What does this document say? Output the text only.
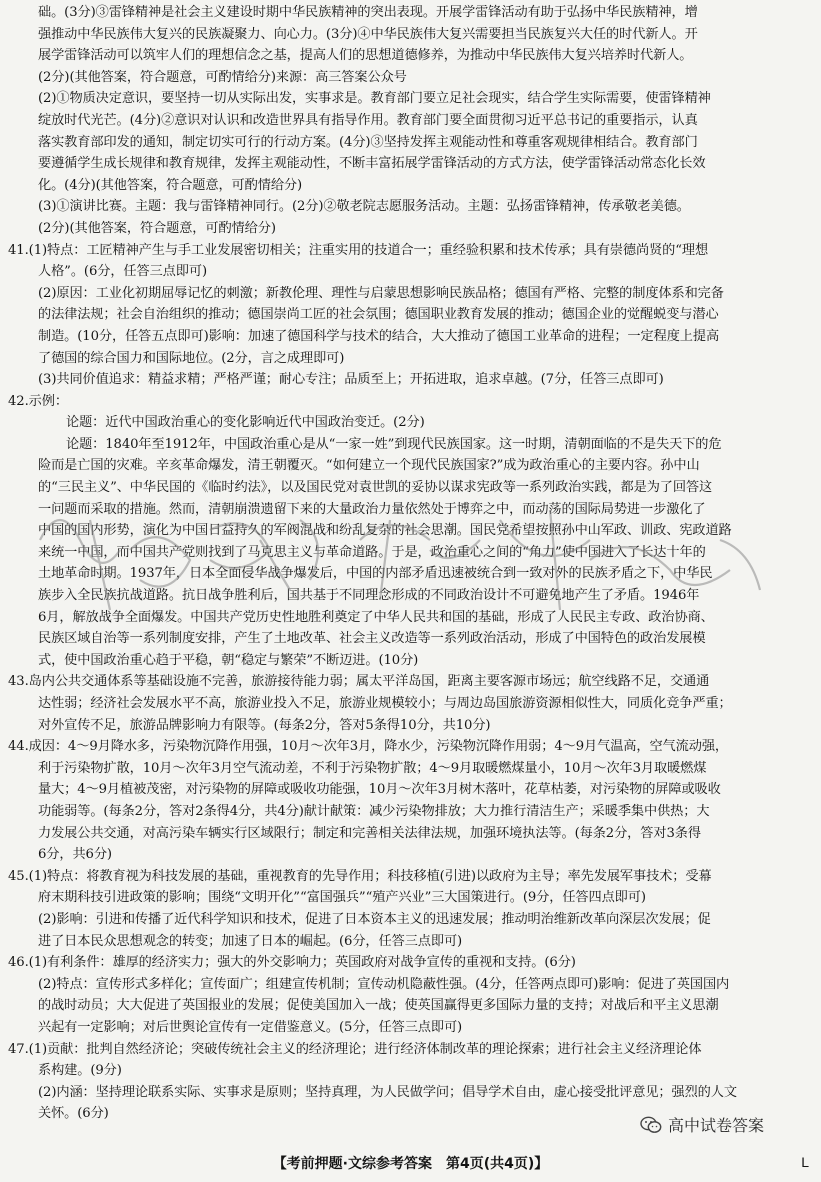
础。(3分)③雷锋精神是社会主义建设时期中华民族精神的突出表现。开展学雷锋活动有助于弘扬中华民族精神，增
强推动中华民族伟大复兴的民族凝聚力、向心力。(3分)④中华民族伟大复兴需要担当民族复兴大任的时代新人。开
展学雷锋活动可以筑牢人们的理想信念之基，提高人们的思想道德修养，为推动中华民族伟大复兴培养时代新人。
(2分)(其他答案，符合题意，可酌情给分)来源：高三答案公众号
(2)①物质决定意识，要坚持一切从实际出发，实事求是。教育部门要立足社会现实，结合学生实际需要，使雷锋精神
绽放时代光芒。(4分)②意识对认识和改造世界具有指导作用。教育部门要全面贯彻习近平总书记的重要指示，认真
落实教育部印发的通知，制定切实可行的行动方案。(4分)③坚持发挥主观能动性和尊重客观规律相结合。教育部门
要遵循学生成长规律和教育规律，发挥主观能动性，不断丰富拓展学雷锋活动的方式方法，使学雷锋活动常态化长效
化。(4分)(其他答案，符合题意，可酌情给分)
(3)①演讲比赛。主题：我与雷锋精神同行。(2分)②敬老院志愿服务活动。主题：弘扬雷锋精神，传承敬老美德。
(2分)(其他答案，符合题意，可酌情给分)
41.(1)特点：工匠精神产生与手工业发展密切相关；注重实用的技道合一；重经验积累和技术传承；具有崇德尚贤的“理想
人格”。(6分，任答三点即可)
(2)原因：工业化初期屈辱记忆的刺激；新教伦理、理性与启蒙思想影响民族品格；德国有严格、完整的制度体系和完备
的法律法规；社会自治组织的推动；德国崇尚工匠的社会氛围；德国职业教育发展的推动；德国企业的觉醒蜕变与潜心
制造。(10分，任答五点即可)影响：加速了德国科学与技术的结合，大大推动了德国工业革命的进程；一定程度上提高
了德国的综合国力和国际地位。(2分，言之成理即可)
(3)共同价值追求：精益求精；严格严谨；耐心专注；品质至上；开拓进取，追求卓越。(7分，任答三点即可)
42.示例：
论题：近代中国政治重心的变化影响近代中国政治变迁。(2分)
论题：1840年至1912年，中国政治重心是从“一家一姓”到现代民族国家。这一时期，清朝面临的不是失天下的危
险而是亡国的灾难。辛亥革命爆发，清王朝覆灭。“如何建立一个现代民族国家?”成为政治重心的主要内容。孙中山
的“三民主义”、中华民国的《临时约法》，以及国民党对袁世凯的妥协以谋求宪政等一系列政治实践，都是为了回答这
一问题而采取的措施。然而，清朝崩溃遗留下来的大量政治力量依然处于博弈之中，而动荡的国际局势进一步激化了
中国的国内形势，演化为中国日益持久的军阀混战和纷乱复杂的社会思潮。国民党希望按照孙中山军政、训政、宪政道路
来统一中国，而中国共产党则找到了马克思主义与革命道路。于是，政治重心之间的“角力”使中国进入了长达十年的
土地革命时期。1937年，日本全面侵华战争爆发后，中国的内部矛盾迅速被统合到一致对外的民族矛盾之下，中华民
族步入全民族抗战道路。抗日战争胜利后，国共基于不同理念形成的不同政治设计不可避免地产生了矛盾。1946年
6月，解放战争全面爆发。中国共产党历史性地胜利奠定了中华人民共和国的基础，形成了人民民主专政、政治协商、
民族区域自治等一系列制度安排，产生了土地改革、社会主义改造等一系列政治活动，形成了中国特色的政治发展模
式，使中国政治重心趋于平稳，朝“稳定与繁荣”不断迈进。(10分)
43.岛内公共交通体系等基础设施不完善，旅游接待能力弱；属太平洋岛国，距离主要客源市场远；航空线路不足，交通通
达性弱；经济社会发展水平不高，旅游业投入不足，旅游业规模较小；与周边岛国旅游资源相似性大，同质化竞争严重；
对外宣传不足，旅游品牌影响力有限等。(每条2分，答对5条得10分，共10分)
44.成因：4～9月降水多，污染物沉降作用强，10月～次年3月，降水少，污染物沉降作用弱；4～9月气温高，空气流动强，
利于污染物扩散，10月～次年3月空气流动差，不利于污染物扩散；4～9月取暖燃煤量小，10月～次年3月取暖燃煤
量大；4～9月植被茂密，对污染物的屏障或吸收功能强，10月～次年3月树木落叶，花草枯萎，对污染物的屏障或吸收
功能弱等。(每条2分，答对2条得4分，共4分)献计献策：减少污染物排放；大力推行清洁生产；采暖季集中供热；大
力发展公共交通，对高污染车辆实行区域限行；制定和完善相关法律法规，加强环境执法等。(每条2分，答对3条得
6分，共6分)
45.(1)特点：将教育视为科技发展的基础，重视教育的先导作用；科技移植(引进)以政府为主导；率先发展军事技术；受幕
府末期科技引进政策的影响；围绕“文明开化”“富国强兵”“殖产兴业”三大国策进行。(9分，任答四点即可)
(2)影响：引进和传播了近代科学知识和技术，促进了日本资本主义的迅速发展；推动明治维新改革向深层次发展；促
进了日本民众思想观念的转变；加速了日本的崛起。(6分，任答三点即可)
46.(1)有利条件：雄厚的经济实力；强大的外交影响力；英国政府对战争宣传的重视和支持。(6分)
(2)特点：宣传形式多样化；宣传面广；组建宣传机制；宣传动机隐蔽性强。(4分，任答两点即可)影响：促进了英国国内
的战时动员；大大促进了英国报业的发展；促使美国加入一战；使英国赢得更多国际力量的支持；对战后和平主义思潮
兴起有一定影响；对后世舆论宣传有一定借鉴意义。(5分，任答三点即可)
47.(1)贡献：批判自然经济论；突破传统社会主义的经济理论；进行经济体制改革的理论探索；进行社会主义经济理论体
系构建。(9分)
(2)内涵：坚持理论联系实际、实事求是原则；坚持真理，为人民做学问；倡导学术自由，虚心接受批评意见；强烈的人文
关怀。(6分)
高中试卷答案
【考前押题·文综参考答案　第4页(共4页)】	L
